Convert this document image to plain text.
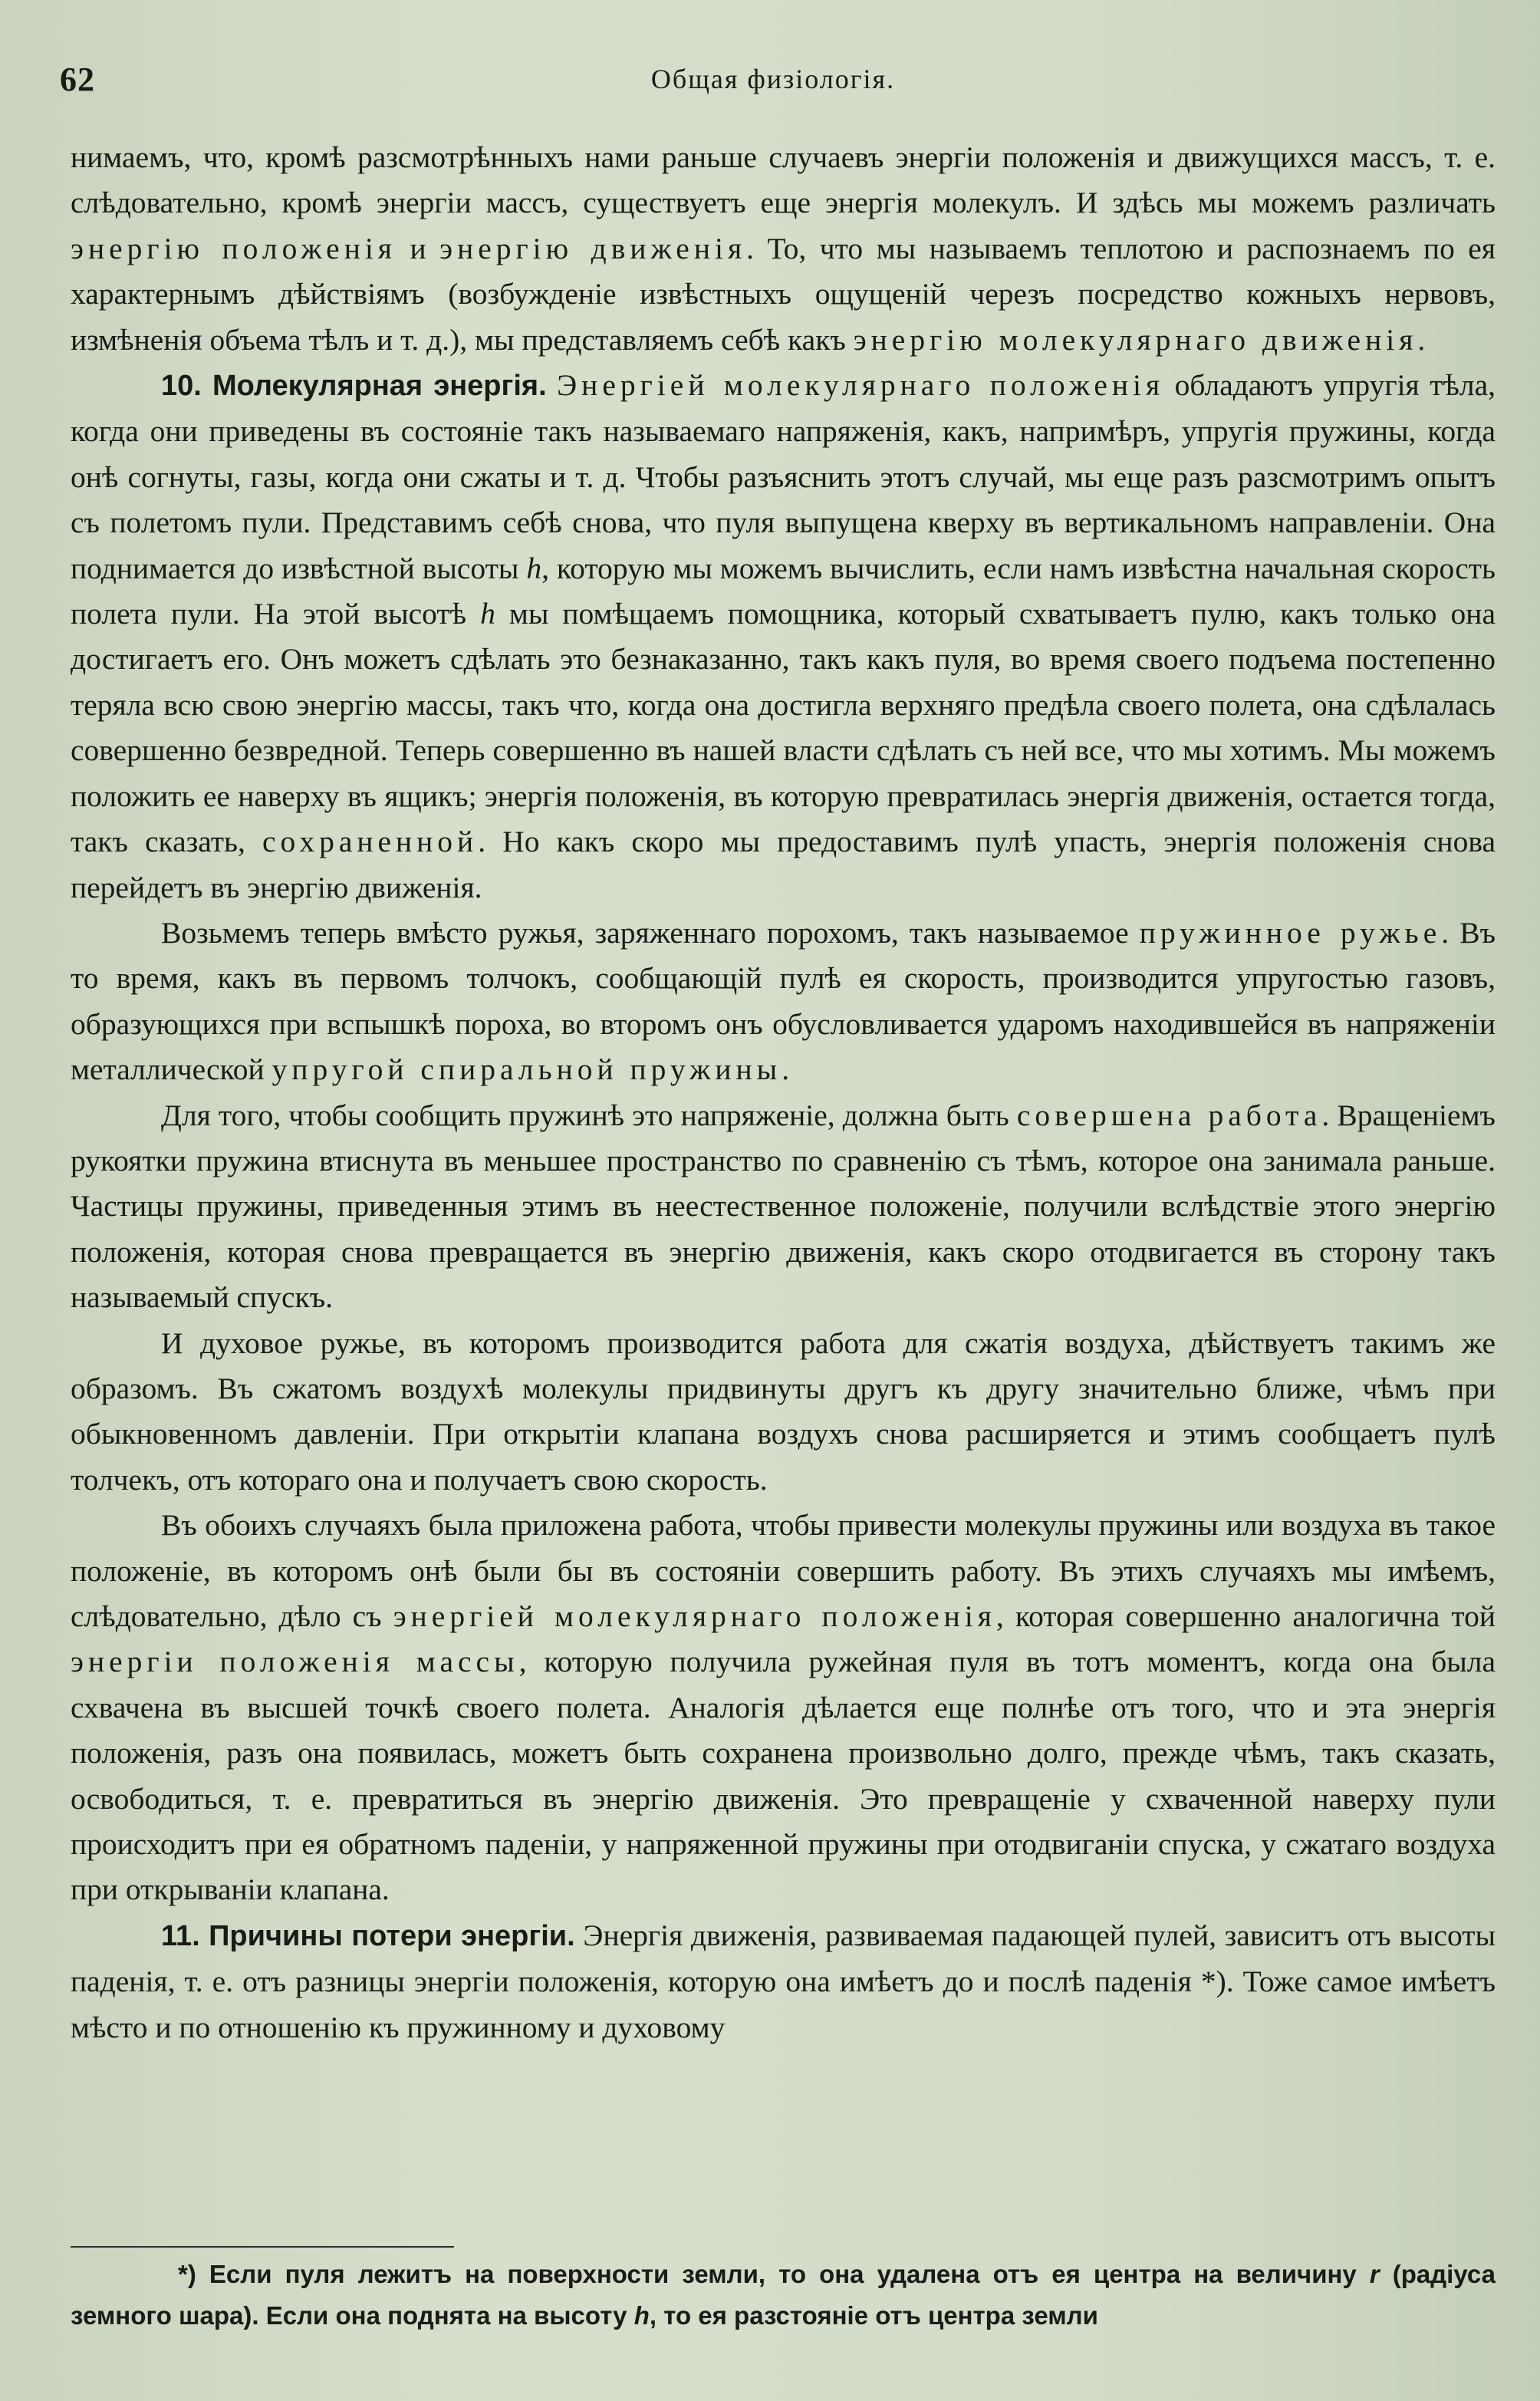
62	Общая физiологiя.

нимаемъ, что, кромѣ разсмотрѣнныхъ нами раньше случаевъ энергiи положенiя и движущихся массъ, т. е. слѣдовательно, кромѣ энергiи массъ, существуетъ еще энергiя молекулъ. И здѣсь мы можемъ различать энергiю положенiя и энергiю движенiя. То, что мы называемъ теплотою и распознаемъ по ея характернымъ дѣйствiямъ (возбужденiе извѣстныхъ ощущенiй черезъ посредство кожныхъ нервовъ, измѣненiя объема тѣлъ и т. д.), мы представляемъ себѣ какъ энергiю молекулярнаго движенiя.

10. Молекулярная энергiя. Энергiей молекулярнаго положенiя обладаютъ упругiя тѣла, когда они приведены въ состоянiе такъ называемаго напряженiя, какъ, напримѣръ, упругiя пружины, когда онѣ согнуты, газы, когда они сжаты и т. д. Чтобы разъяснить этотъ случай, мы еще разъ разсмотримъ опытъ съ полетомъ пули. Представимъ себѣ снова, что пуля выпущена кверху въ вертикальномъ направленiи. Она поднимается до извѣстной высоты h, которую мы можемъ вычислить, если намъ извѣстна начальная скорость полета пули. На этой высотѣ h мы помѣщаемъ помощника, который схватываетъ пулю, какъ только она достигаетъ его. Онъ можетъ сдѣлать это безнаказанно, такъ какъ пуля, во время своего подъема постепенно теряла всю свою энергiю массы, такъ что, когда она достигла верхняго предѣла своего полета, она сдѣлалась совершенно безвредной. Теперь совершенно въ нашей власти сдѣлать съ ней все, что мы хотимъ. Мы можемъ положить ее наверху въ ящикъ; энергiя положенiя, въ которую превратилась энергiя движенiя, остается тогда, такъ сказать, сохраненной. Но какъ скоро мы предоставимъ пулѣ упасть, энергiя положенiя снова перейдетъ въ энергiю движенiя.

Возьмемъ теперь вмѣсто ружья, заряженнаго порохомъ, такъ называемое пружинное ружье. Въ то время, какъ въ первомъ толчокъ, сообщающiй пулѣ ея скорость, производится упругостью газовъ, образующихся при вспышкѣ пороха, во второмъ онъ обусловливается ударомъ находившейся въ напряженiи металлической упругой спиральной пружины.

Для того, чтобы сообщить пружинѣ это напряженiе, должна быть совершена работа. Вращенiемъ рукоятки пружина втиснута въ меньшее пространство по сравненiю съ тѣмъ, которое она занимала раньше. Частицы пружины, приведенныя этимъ въ неестественное положенiе, получили вслѣдствiе этого энергiю положенiя, которая снова превращается въ энергiю движенiя, какъ скоро отодвигается въ сторону такъ называемый спускъ.

И духовое ружье, въ которомъ производится работа для сжатiя воздуха, дѣйствуетъ такимъ же образомъ. Въ сжатомъ воздухѣ молекулы придвинуты другъ къ другу значительно ближе, чѣмъ при обыкновенномъ давленiи. При открытiи клапана воздухъ снова расширяется и этимъ сообщаетъ пулѣ толчекъ, отъ котораго она и получаетъ свою скорость.

Въ обоихъ случаяхъ была приложена работа, чтобы привести молекулы пружины или воздуха въ такое положенiе, въ которомъ онѣ были бы въ состоянiи совершить работу. Въ этихъ случаяхъ мы имѣемъ, слѣдовательно, дѣло съ энергiей молекулярнаго положенiя, которая совершенно аналогична той энергiи положенiя массы, которую получила ружейная пуля въ тотъ моментъ, когда она была схвачена въ высшей точкѣ своего полета. Аналогiя дѣлается еще полнѣе отъ того, что и эта энергiя положенiя, разъ она появилась, можетъ быть сохранена произвольно долго, прежде чѣмъ, такъ сказать, освободиться, т. е. превратиться въ энергiю движенiя. Это превращенiе у схваченной наверху пули происходитъ при ея обратномъ паденiи, у напряженной пружины при отодвиганiи спуска, у сжатаго воздуха при открыванiи клапана.

11. Причины потери энергiи. Энергiя движенiя, развиваемая падающей пулей, зависитъ отъ высоты паденiя, т. е. отъ разницы энергiи положенiя, которую она имѣетъ до и послѣ паденiя *). Тоже самое имѣетъ мѣсто и по отношенiю къ пружинному и духовому

*) Если пуля лежитъ на поверхности земли, то она удалена отъ ея центра на величину r (радiуса земного шара). Если она поднята на высоту h, то ея разстоянiе отъ центра земли
